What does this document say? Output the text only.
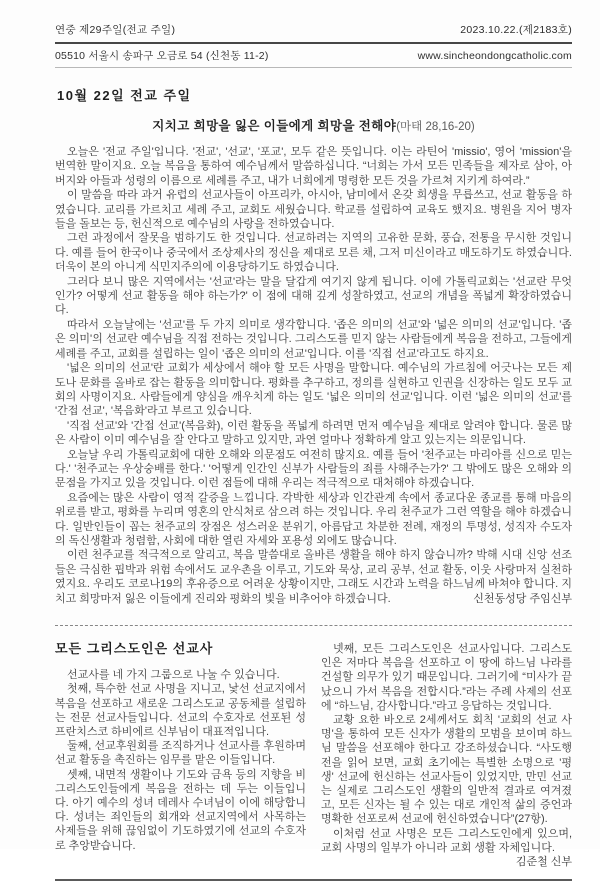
연중 제29주일(전교 주일)	2023.10.22.(제2183호)
05510 서울시 송파구 오금로 54 (신천동 11-2)	www.sincheondongcatholic.com
10월 22일 전교 주일
지치고 희망을 잃은 이들에게 희망을 전해야(마태 28,16-20)

오늘은 '전교 주일'입니다. '전교', '선교', '포교', 모두 같은 뜻입니다. 이는 라틴어 'missio', 영어 'mission'을 번역한 말이지요. 오늘 복음을 통하여 예수님께서 말씀하십니다. “너희는 가서 모든 민족들을 제자로 삼아, 아버지와 아들과 성령의 이름으로 세례를 주고, 내가 너희에게 명령한 모든 것을 가르쳐 지키게 하여라.”

이 말씀을 따라 과거 유럽의 선교사들이 아프리카, 아시아, 남미에서 온갖 희생을 무릅쓰고, 선교 활동을 하였습니다. 교리를 가르치고 세례 주고, 교회도 세웠습니다. 학교를 설립하여 교육도 했지요. 병원을 지어 병자들을 돌보는 등, 헌신적으로 예수님의 사랑을 전하였습니다.

그런 과정에서 잘못을 범하기도 한 것입니다. 선교하려는 지역의 고유한 문화, 풍습, 전통을 무시한 것입니다. 예를 들어 한국이나 중국에서 조상제사의 정신을 제대로 모른 채, 그저 미신이라고 매도하기도 하였습니다. 더욱이 본의 아니게 식민지주의에 이용당하기도 하였습니다.

그러다 보니 많은 지역에서는 '선교'라는 말을 달갑게 여기지 않게 됩니다. 이에 가톨릭교회는 '선교란 무엇인가? 어떻게 선교 활동을 해야 하는가?' 이 점에 대해 깊게 성찰하였고, 선교의 개념을 폭넓게 확장하였습니다.

따라서 오늘날에는 '선교'를 두 가지 의미로 생각합니다. '좁은 의미의 선교'와 '넓은 의미의 선교'입니다. '좁은 의미'의 선교란 예수님을 직접 전하는 것입니다. 그리스도를 믿지 않는 사람들에게 복음을 전하고, 그들에게 세례를 주고, 교회를 설립하는 일이 '좁은 의미의 선교'입니다. 이를 '직접 선교'라고도 하지요.

'넓은 의미의 선교'란 교회가 세상에서 해야 할 모든 사명을 말합니다. 예수님의 가르침에 어긋나는 모든 제도나 문화를 올바로 잡는 활동을 의미합니다. 평화를 추구하고, 정의를 실현하고 인권을 신장하는 일도 모두 교회의 사명이지요. 사람들에게 양심을 깨우치게 하는 일도 '넓은 의미의 선교'입니다. 이런 '넓은 의미의 선교'를 '간접 선교', '복음화'라고 부르고 있습니다.

'직접 선교'와 '간접 선교'(복음화), 이런 활동을 폭넓게 하려면 먼저 예수님을 제대로 알려야 합니다. 물론 많은 사람이 이미 예수님을 잘 안다고 말하고 있지만, 과연 얼마나 정확하게 알고 있는지는 의문입니다.

오늘날 우리 가톨릭교회에 대한 오해와 의문점도 여전히 많지요. 예를 들어 '천주교는 마리아를 신으로 믿는다.' '천주교는 우상숭배를 한다.' '어떻게 인간인 신부가 사람들의 죄를 사해주는가?' 그 밖에도 많은 오해와 의문점을 가지고 있을 것입니다. 이런 점들에 대해 우리는 적극적으로 대처해야 하겠습니다.

요즘에는 많은 사람이 영적 갈증을 느낍니다. 각박한 세상과 인간관계 속에서 종교다운 종교를 통해 마음의 위로를 받고, 평화를 누리며 영혼의 안식처로 삼으려 하는 것입니다. 우리 천주교가 그런 역할을 해야 하겠습니다. 일반인들이 꼽는 천주교의 장점은 성스러운 분위기, 아름답고 차분한 전례, 재정의 투명성, 성직자 수도자의 독신생활과 청렴함, 사회에 대한 열린 자세와 포용성 외에도 많습니다.

이런 천주교를 적극적으로 알리고, 복음 말씀대로 올바른 생활을 해야 하지 않습니까? 박해 시대 신앙 선조들은 극심한 핍박과 위험 속에서도 교우촌을 이루고, 기도와 묵상, 교리 공부, 선교 활동, 이웃 사랑마저 실천하였지요. 우리도 코로나19의 후유증으로 어려운 상황이지만, 그래도 시간과 노력을 하느님께 바쳐야 합니다. 지치고 희망마저 잃은 이들에게 진리와 평화의 빛을 비추어야 하겠습니다.	신천동성당 주임신부
모든 그리스도인은 선교사

선교사를 네 가지 그룹으로 나눌 수 있습니다.

첫째, 특수한 선교 사명을 지니고, 낯선 선교지에서 복음을 선포하고 새로운 그리스도교 공동체를 설립하는 전문 선교사들입니다. 선교의 수호자로 선포된 성 프란치스코 하비에르 신부님이 대표적입니다.

둘째, 선교후원회를 조직하거나 선교사를 후원하며 선교 활동을 촉진하는 임무를 맡은 이들입니다.

셋째, 내면적 생활이나 기도와 금욕 등의 지향을 비그리스도인들에게 복음을 전하는 데 두는 이들입니다. 아기 예수의 성녀 데레사 수녀님이 이에 해당합니다. 성녀는 죄인들의 회개와 선교지역에서 사목하는 사제들을 위해 끊임없이 기도하였기에 선교의 수호자로 추앙받습니다.

넷째, 모든 그리스도인은 선교사입니다. 그리스도인은 저마다 복음을 선포하고 이 땅에 하느님 나라를 건설할 의무가 있기 때문입니다. 그러기에 “미사가 끝났으니 가서 복음을 전합시다.”라는 주례 사제의 선포에 “하느님, 감사합니다.”라고 응답하는 것입니다.

교황 요한 바오로 2세께서도 회칙 '교회의 선교 사명'을 통하여 모든 신자가 생활의 모범을 보이며 하느님 말씀을 선포해야 한다고 강조하셨습니다. “사도행전을 읽어 보면, 교회 초기에는 특별한 소명으로 '평생' 선교에 헌신하는 선교사들이 있었지만, 만민 선교는 실제로 그리스도인 생활의 일반적 결과로 여겨졌고, 모든 신자는 될 수 있는 대로 개인적 삶의 증언과 명확한 선포로써 선교에 헌신하였습니다”(27항).

이처럼 선교 사명은 모든 그리스도인에게 있으며, 교회 사명의 일부가 아니라 교회 생활 자체입니다.

김준철 신부
